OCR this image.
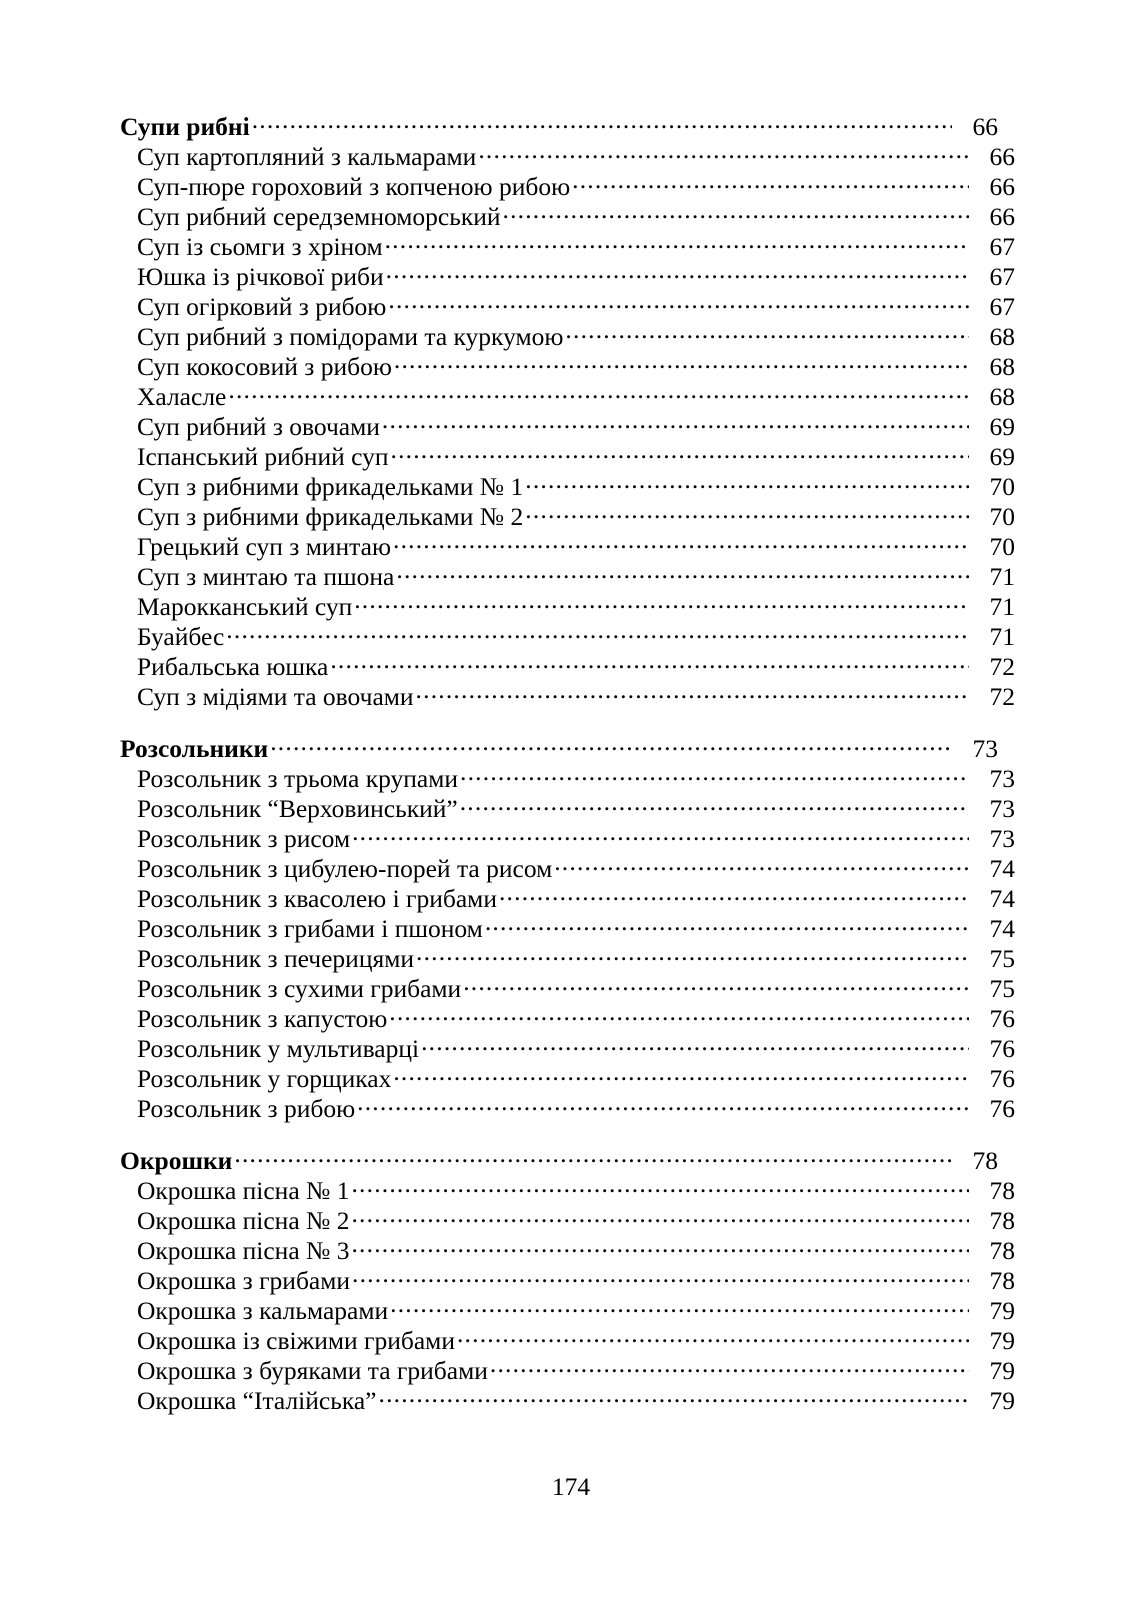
Супи рибні .....	66
Суп картопляний з кальмарами .....	66
Суп-пюре гороховий з копченою рибою .....	66
Суп рибний середземноморський .....	66
Суп із сьомги з хріном .....	67
Юшка із річкової риби .....	67
Суп огірковий з рибою .....	67
Суп рибний з помідорами та куркумою .....	68
Суп кокосовий з рибою .....	68
Халасле .....	68
Суп рибний з овочами .....	69
Іспанський рибний суп .....	69
Суп з рибними фрикадельками № 1 .....	70
Суп з рибними фрикадельками № 2 .....	70
Грецький суп з минтаю .....	70
Суп з минтаю та пшона .....	71
Марокканський суп .....	71
Буайбес .....	71
Рибальська юшка .....	72
Суп з мідіями та овочами .....	72
Розсольники .....	73
Розсольник з трьома крупами .....	73
Розсольник “Верховинський” .....	73
Розсольник з рисом .....	73
Розсольник з цибулею-порей та рисом .....	74
Розсольник з квасолею і грибами .....	74
Розсольник з грибами і пшоном .....	74
Розсольник з печерицями .....	75
Розсольник з сухими грибами .....	75
Розсольник з капустою .....	76
Розсольник у мультиварці .....	76
Розсольник у горщиках .....	76
Розсольник з рибою .....	76
Окрошки .....	78
Окрошка пісна № 1 .....	78
Окрошка пісна № 2 .....	78
Окрошка пісна № 3 .....	78
Окрошка з грибами .....	78
Окрошка з кальмарами .....	79
Окрошка із свіжими грибами .....	79
Окрошка з буряками та грибами .....	79
Окрошка “Італійська” .....	79
174
